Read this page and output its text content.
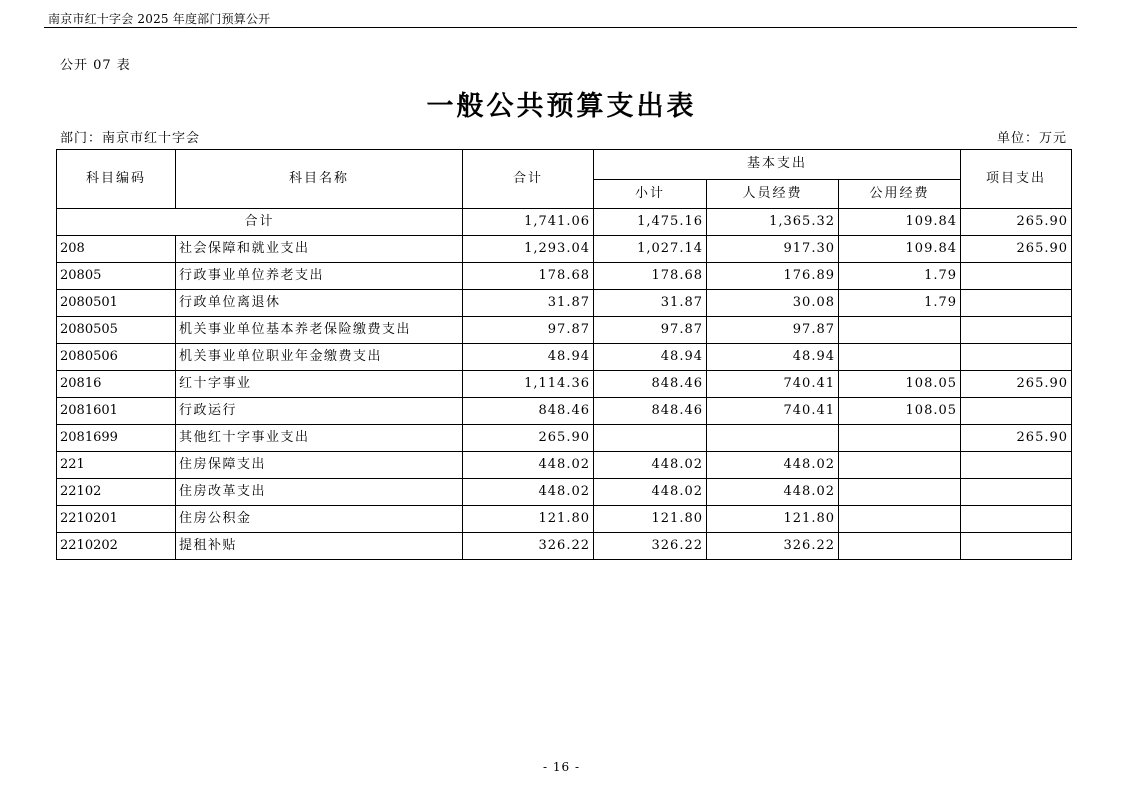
南京市红十字会 2025 年度部门预算公开
公开 07 表
一般公共预算支出表
部门：南京市红十字会	单位：万元
科目编码	科目名称	合计	基本支出			项目支出
			小计	人员经费	公用经费	
合计		1,741.06	1,475.16	1,365.32	109.84	265.90
208	社会保障和就业支出	1,293.04	1,027.14	917.30	109.84	265.90
20805	行政事业单位养老支出	178.68	178.68	176.89	1.79	
2080501	行政单位离退休	31.87	31.87	30.08	1.79	
2080505	机关事业单位基本养老保险缴费支出	97.87	97.87	97.87		
2080506	机关事业单位职业年金缴费支出	48.94	48.94	48.94		
20816	红十字事业	1,114.36	848.46	740.41	108.05	265.90
2081601	行政运行	848.46	848.46	740.41	108.05	
2081699	其他红十字事业支出	265.90				265.90
221	住房保障支出	448.02	448.02	448.02		
22102	住房改革支出	448.02	448.02	448.02		
2210201	住房公积金	121.80	121.80	121.80		
2210202	提租补贴	326.22	326.22	326.22		
- 16 -
